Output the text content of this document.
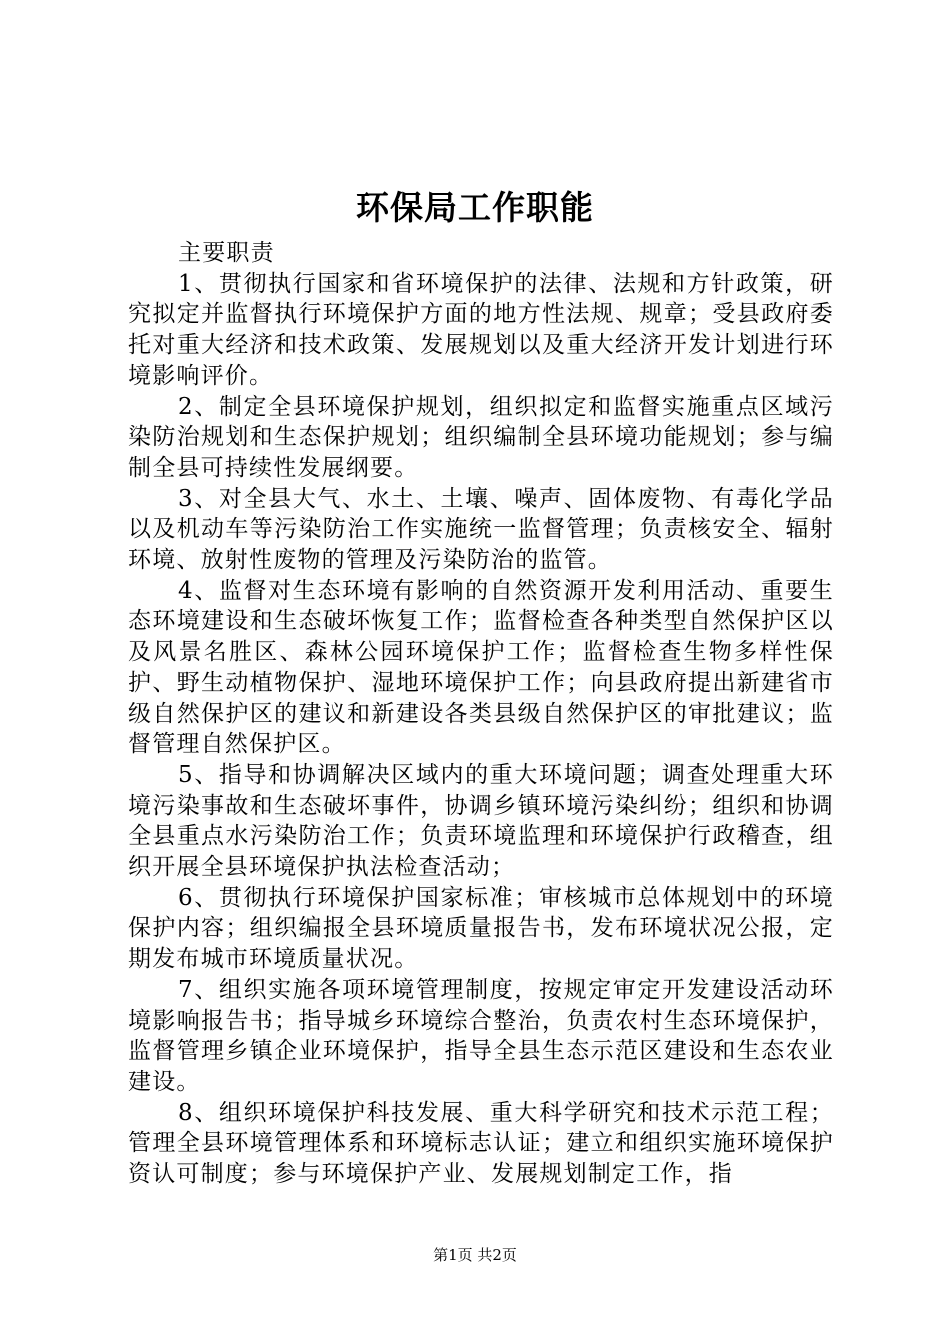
环保局工作职能

主要职责

1、贯彻执行国家和省环境保护的法律、法规和方针政策，研究拟定并监督执行环境保护方面的地方性法规、规章；受县政府委托对重大经济和技术政策、发展规划以及重大经济开发计划进行环境影响评价。

2、制定全县环境保护规划，组织拟定和监督实施重点区域污染防治规划和生态保护规划；组织编制全县环境功能规划；参与编制全县可持续性发展纲要。

3、对全县大气、水土、土壤、噪声、固体废物、有毒化学品以及机动车等污染防治工作实施统一监督管理；负责核安全、辐射环境、放射性废物的管理及污染防治的监管。

4、监督对生态环境有影响的自然资源开发利用活动、重要生态环境建设和生态破坏恢复工作；监督检查各种类型自然保护区以及风景名胜区、森林公园环境保护工作；监督检查生物多样性保护、野生动植物保护、湿地环境保护工作；向县政府提出新建省市级自然保护区的建议和新建设各类县级自然保护区的审批建议；监督管理自然保护区。

5、指导和协调解决区域内的重大环境问题；调查处理重大环境污染事故和生态破坏事件，协调乡镇环境污染纠纷；组织和协调全县重点水污染防治工作；负责环境监理和环境保护行政稽查，组织开展全县环境保护执法检查活动；

6、贯彻执行环境保护国家标准；审核城市总体规划中的环境保护内容；组织编报全县环境质量报告书，发布环境状况公报，定期发布城市环境质量状况。

7、组织实施各项环境管理制度，按规定审定开发建设活动环境影响报告书；指导城乡环境综合整治，负责农村生态环境保护，监督管理乡镇企业环境保护，指导全县生态示范区建设和生态农业建设。

8、组织环境保护科技发展、重大科学研究和技术示范工程；管理全县环境管理体系和环境标志认证；建立和组织实施环境保护资认可制度；参与环境保护产业、发展规划制定工作，指

第1页 共2页
